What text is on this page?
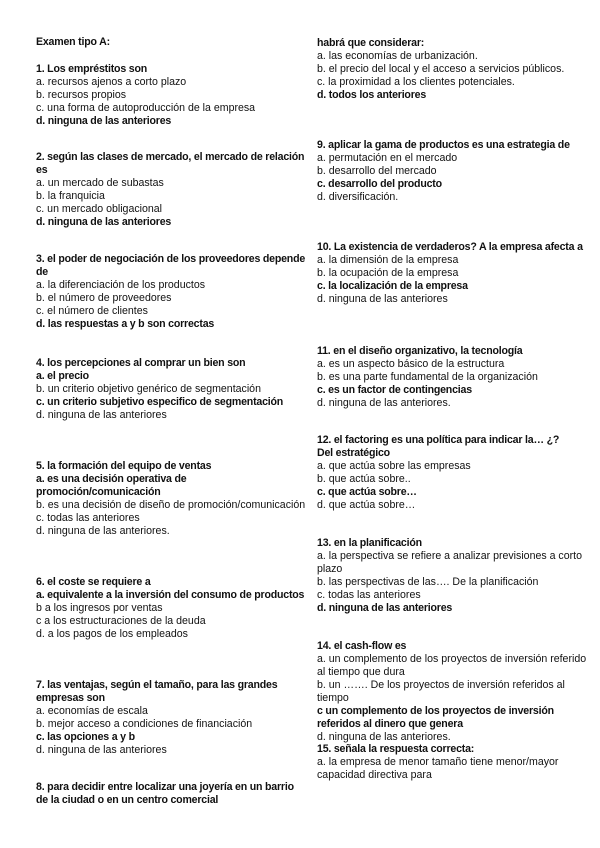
Examen tipo A:
1. Los empréstitos son
a. recursos ajenos a corto plazo
b. recursos propios
c. una forma de autoproducción de la empresa
d. ninguna de las anteriores
2. según las clases de mercado, el mercado de relación es
a. un mercado de subastas
b. la franquicia
c. un mercado obligacional
d. ninguna de las anteriores
3. el poder de negociación de los proveedores depende de
a. la diferenciación de los productos
b. el número de proveedores
c. el número de clientes
d. las respuestas a y b son correctas
4. los percepciones al comprar un bien son
a. el precio
b. un criterio objetivo genérico de segmentación
c. un criterio subjetivo especifico de segmentación
d. ninguna de las anteriores
5. la formación del equipo de ventas
a. es una decisión operativa de promoción/comunicación
b. es una decisión de diseño de promoción/comunicación
c. todas las anteriores
d. ninguna de las anteriores.
6. el coste se requiere a
a. equivalente a la inversión del consumo de productos
b a los ingresos por ventas
c a los estructuraciones de la deuda
d. a los pagos de los empleados
7. las ventajas, según el tamaño, para las grandes empresas son
a. economías de escala
b. mejor acceso a condiciones de financiación
c. las opciones a y b
d. ninguna de las anteriores
8. para decidir entre localizar una joyería en un barrio de la ciudad o en un centro comercial
habrá que considerar:
a. las economías de urbanización.
b. el precio del local y el acceso a servicios públicos.
c. la proximidad a los clientes potenciales.
d. todos los anteriores
9. aplicar la gama de productos es una estrategia de
a. permutación en el mercado
b. desarrollo del mercado
c. desarrollo del producto
d. diversificación.
10. La existencia de verdaderos? A la empresa afecta a
a. la dimensión de la empresa
b. la ocupación de la empresa
c. la localización de la empresa
d. ninguna de las anteriores
11. en el diseño organizativo, la tecnología
a. es un aspecto básico de la estructura
b. es una parte fundamental de la organización
c. es un factor de contingencias
d. ninguna de las anteriores.
12. el factoring es una política para indicar la… ¿?
Del estratégico
a. que actúa sobre las empresas
b. que actúa sobre..
c. que actúa sobre…
d. que actúa sobre…
13. en la planificación
a. la perspectiva se refiere a analizar previsiones a corto plazo
b. las perspectivas de las…. De la planificación
c. todas las anteriores
d. ninguna de las anteriores
14. el cash-flow es
a. un complemento de los proyectos de inversión referido al tiempo que dura
b. un ……. De los proyectos de inversión referidos al tiempo
c un complemento de los proyectos de inversión referidos al dinero que genera
d. ninguna de las anteriores.
15. señala la respuesta correcta:
a. la empresa de menor tamaño tiene menor/mayor capacidad directiva para
